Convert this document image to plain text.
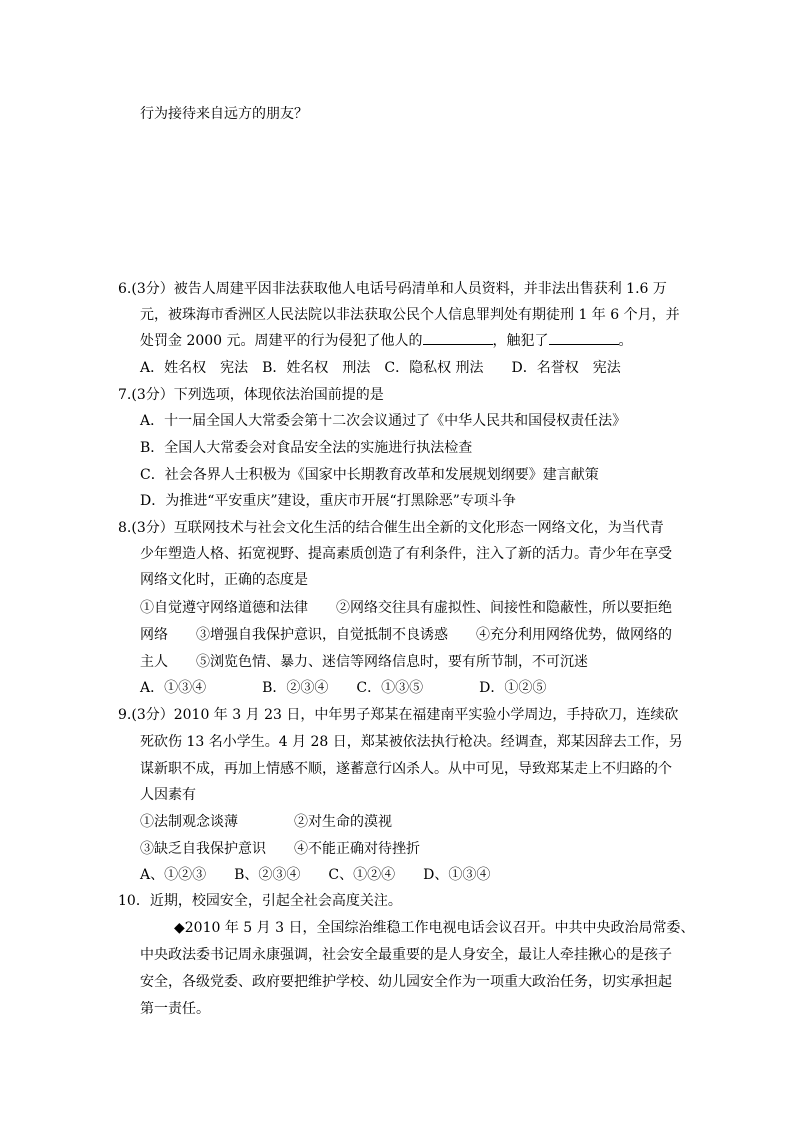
行为接待来自远方的朋友？
6.(3分）被告人周建平因非法获取他人电话号码清单和人员资料，并非法出售获利 1.6 万
元，被珠海市香洲区人民法院以非法获取公民个人信息罪判处有期徒刑 1 年 6 个月，并
处罚金 2000 元。周建平的行为侵犯了他人的	，触犯了	。
A．姓名权　宪法　B．姓名权　刑法　C．隐私权 刑法　　D．名誉权　宪法
7.(3分）下列选项，体现依法治国前提的是
A．十一届全国人大常委会第十二次会议通过了《中华人民共和国侵权责任法》
B．全国人大常委会对食品安全法的实施进行执法检查
C．社会各界人士积极为《国家中长期教育改革和发展规划纲要》建言献策
D．为推进“平安重庆”建设，重庆市开展“打黑除恶”专项斗争
8.(3分）互联网技术与社会文化生活的结合催生出全新的文化形态一网络文化，为当代青
少年塑造人格、拓宽视野、提高素质创造了有利条件，注入了新的活力。青少年在享受
网络文化时，正确的态度是
①自觉遵守网络道德和法律　　②网络交往具有虚拟性、间接性和隐蔽性，所以要拒绝
网络　　③增强自我保护意识，自觉抵制不良诱惑　　④充分利用网络优势，做网络的
主人　　⑤浏览色情、暴力、迷信等网络信息时，要有所节制，不可沉迷
A．①③④　　　　B．②③④　　C．①③⑤　　　　D．①②⑤
9.(3分）2010 年 3 月 23 日，中年男子郑某在福建南平实验小学周边，手持砍刀，连续砍
死砍伤 13 名小学生。4 月 28 日，郑某被依法执行枪决。经调查，郑某因辞去工作，另
谋新职不成，再加上情感不顺，遂蓄意行凶杀人。从中可见，导致郑某走上不归路的个
人因素有
①法制观念谈薄　　　　②对生命的漠视
③缺乏自我保护意识　　④不能正确对待挫折
A、①②③　　B、②③④　　C、①②④　　D、①③④
10．近期，校园安全，引起全社会高度关注。
◆2010 年 5 月 3 日，全国综治维稳工作电视电话会议召开。中共中央政治局常委、
中央政法委书记周永康强调，社会安全最重要的是人身安全，最让人牵挂揪心的是孩子
安全，各级党委、政府要把维护学校、幼儿园安全作为一项重大政治任务，切实承担起
第一责任。
